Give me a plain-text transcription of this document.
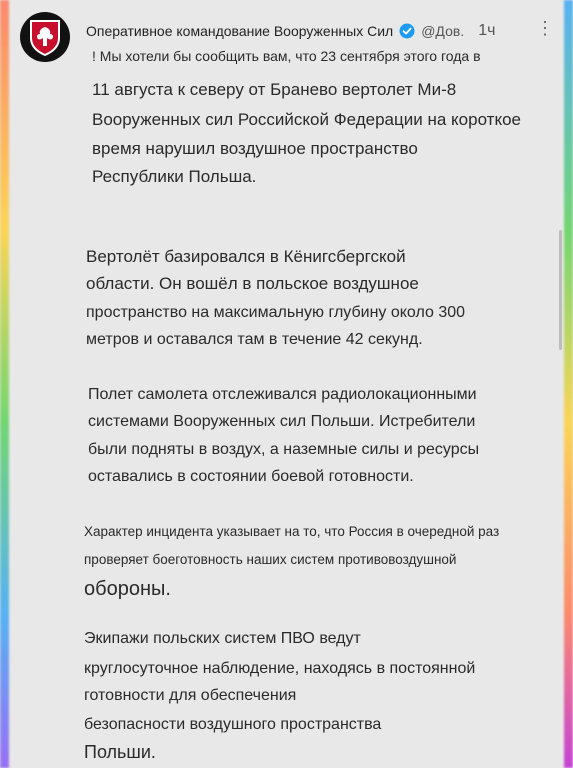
Оперативное командование Вооруженных Сил @Дов. 1ч ⋮

! Мы хотели бы сообщить вам, что 23 сентября этого года в

11 августа к северу от Бранево вертолет Ми-8

Вооруженных сил Российской Федерации на короткое

время нарушил воздушное пространство

Республики Польша.

Вертолёт базировался в Кёнигсбергской

области. Он вошёл в польское воздушное

пространство на максимальную глубину около 300

метров и оставался там в течение 42 секунд.

Полет самолета отслеживался радиолокационными

системами Вооруженных сил Польши. Истребители

были подняты в воздух, а наземные силы и ресурсы

оставались в состоянии боевой готовности.

Характер инцидента указывает на то, что Россия в очередной раз

проверяет боеготовность наших систем противовоздушной

обороны.

Экипажи польских систем ПВО ведут

круглосуточное наблюдение, находясь в постоянной

готовности для обеспечения

безопасности воздушного пространства

Польши.
